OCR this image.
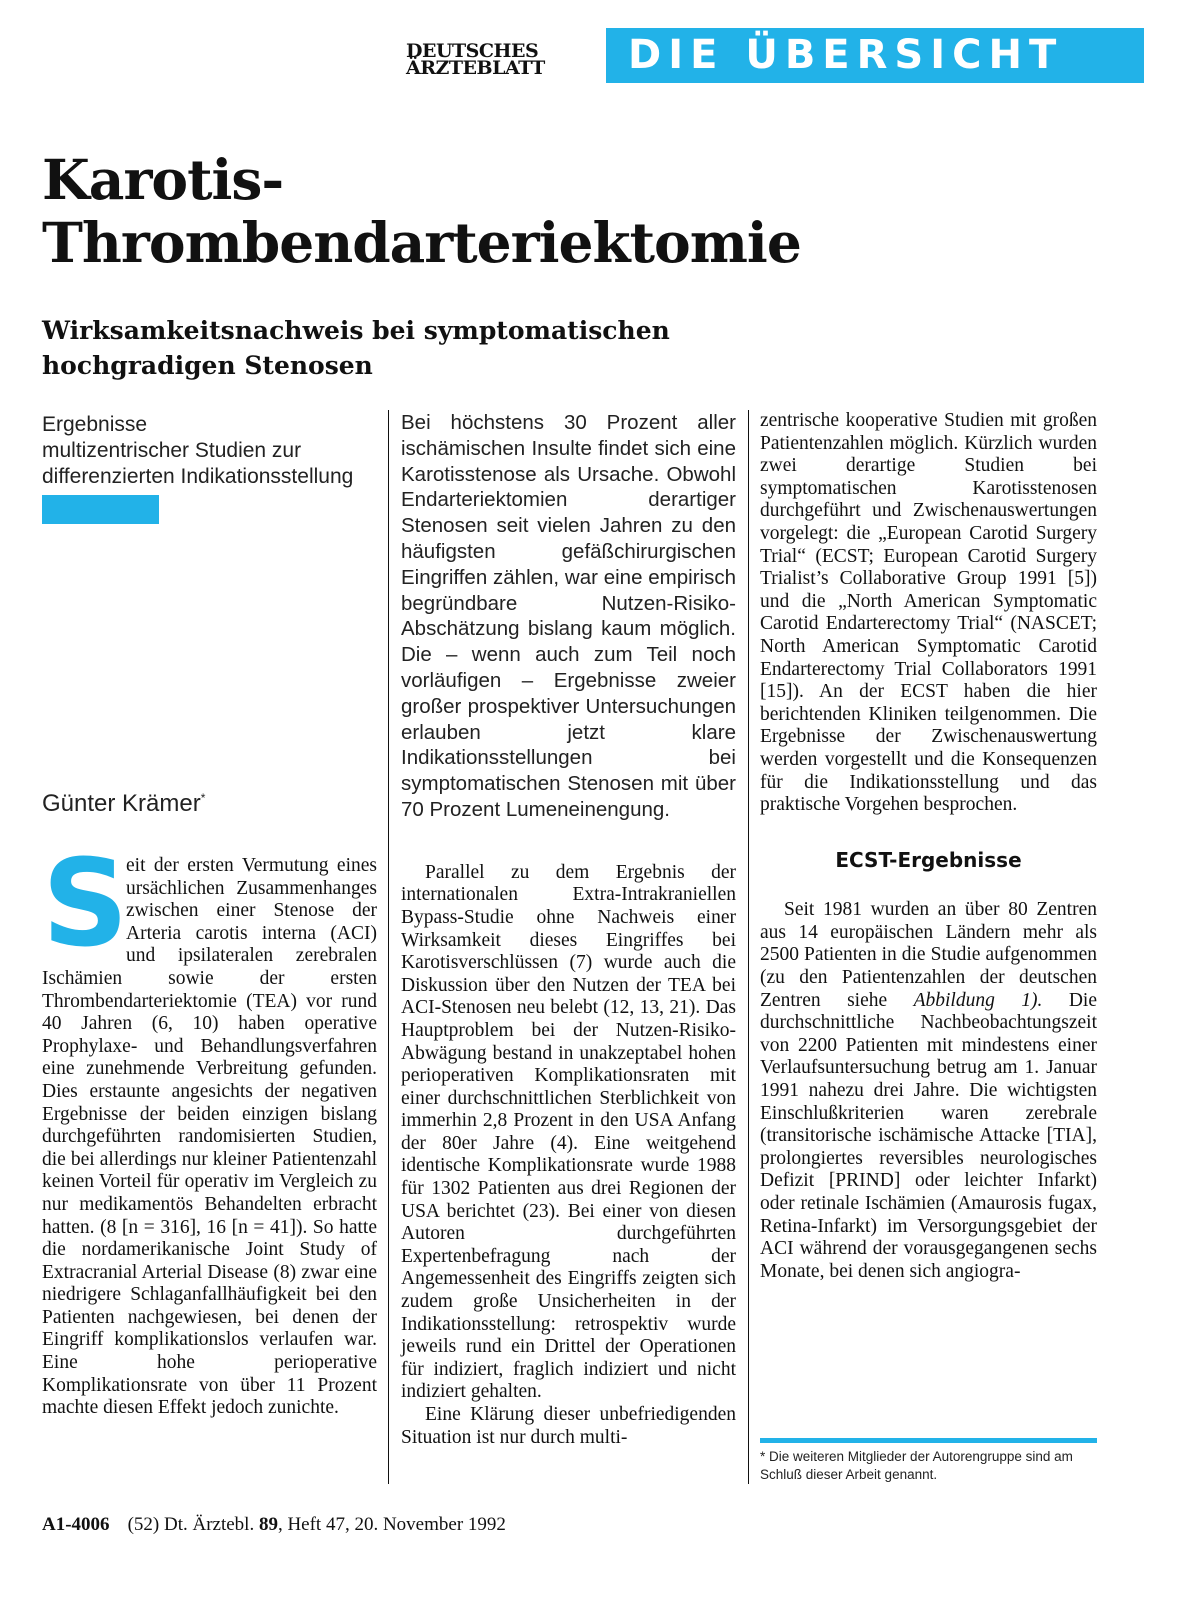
DEUTSCHES
ÄRZTEBLATT	DIE ÜBERSICHT
Karotis-
Thrombendarteriektomie
Wirksamkeitsnachweis bei symptomatischen
hochgradigen Stenosen
Ergebnisse
multizentrischer Studien zur
differenzierten Indikationsstellung
Günter Krämer*

S
eit der ersten Vermutung eines ursächlichen Zusammenhanges zwischen einer Stenose der Arteria carotis interna (ACI) und ipsilateralen zerebralen Ischämien sowie der ersten Thrombendarteriektomie (TEA) vor rund 40 Jahren (6, 10) haben operative Prophylaxe- und Behandlungsverfahren eine zunehmende Verbreitung gefunden. Dies erstaunte angesichts der negativen Ergebnisse der beiden einzigen bislang durchgeführten randomisierten Studien, die bei allerdings nur kleiner Patientenzahl keinen Vorteil für operativ im Vergleich zu nur medikamentös Behandelten erbracht hatten. (8 [n = 316], 16 [n = 41]). So hatte die nordamerikanische Joint Study of Extracranial Arterial Disease (8) zwar eine niedrigere Schlaganfallhäufigkeit bei den Patienten nachgewiesen, bei denen der Eingriff komplikationslos verlaufen war. Eine hohe perioperative Komplikationsrate von über 11 Prozent machte diesen Effekt jedoch zunichte.

Bei höchstens 30 Prozent aller ischämischen Insulte findet sich eine Karotisstenose als Ursache. Obwohl Endarteriektomien derartiger Stenosen seit vielen Jahren zu den häufigsten gefäßchirurgischen Eingriffen zählen, war eine empirisch begründbare Nutzen-Risiko-Abschätzung bislang kaum möglich. Die – wenn auch zum Teil noch vorläufigen – Ergebnisse zweier großer prospektiver Untersuchungen erlauben jetzt klare Indikationsstellungen bei symptomatischen Stenosen mit über 70 Prozent Lumeneinengung.

Parallel zu dem Ergebnis der internationalen Extra-Intrakraniellen Bypass-Studie ohne Nachweis einer Wirksamkeit dieses Eingriffes bei Karotisverschlüssen (7) wurde auch die Diskussion über den Nutzen der TEA bei ACI-Stenosen neu belebt (12, 13, 21). Das Hauptproblem bei der Nutzen-Risiko-Abwägung bestand in unakzeptabel hohen perioperativen Komplikationsraten mit einer durchschnittlichen Sterblichkeit von immerhin 2,8 Prozent in den USA Anfang der 80er Jahre (4). Eine weitgehend identische Komplikationsrate wurde 1988 für 1302 Patienten aus drei Regionen der USA berichtet (23). Bei einer von diesen Autoren durchgeführten Expertenbefragung nach der Angemessenheit des Eingriffs zeigten sich zudem große Unsicherheiten in der Indikationsstellung: retrospektiv wurde jeweils rund ein Drittel der Operationen für indiziert, fraglich indiziert und nicht indiziert gehalten.

Eine Klärung dieser unbefriedigenden Situation ist nur durch multi-

zentrische kooperative Studien mit großen Patientenzahlen möglich. Kürzlich wurden zwei derartige Studien bei symptomatischen Karotisstenosen durchgeführt und Zwischenauswertungen vorgelegt: die „European Carotid Surgery Trial“ (ECST; European Carotid Surgery Trialist’s Collaborative Group 1991 [5]) und die „North American Symptomatic Carotid Endarterectomy Trial“ (NASCET; North American Symptomatic Carotid Endarterectomy Trial Collaborators 1991 [15]). An der ECST haben die hier berichtenden Kliniken teilgenommen. Die Ergebnisse der Zwischenauswertung werden vorgestellt und die Konsequenzen für die Indikationsstellung und das praktische Vorgehen besprochen.

ECST-Ergebnisse

Seit 1981 wurden an über 80 Zentren aus 14 europäischen Ländern mehr als 2500 Patienten in die Studie aufgenommen (zu den Patientenzahlen der deutschen Zentren siehe Abbildung 1). Die durchschnittliche Nachbeobachtungszeit von 2200 Patienten mit mindestens einer Verlaufsuntersuchung betrug am 1. Januar 1991 nahezu drei Jahre. Die wichtigsten Einschlußkriterien waren zerebrale (transitorische ischämische Attacke [TIA], prolongiertes reversibles neurologisches Defizit [PRIND] oder leichter Infarkt) oder retinale Ischämien (Amaurosis fugax, Retina-Infarkt) im Versorgungsgebiet der ACI während der vorausgegangenen sechs Monate, bei denen sich angiogra-

* Die weiteren Mitglieder der Autorengruppe sind am Schluß dieser Arbeit genannt.
A1-4006 (52) Dt. Ärztebl. 89, Heft 47, 20. November 1992
